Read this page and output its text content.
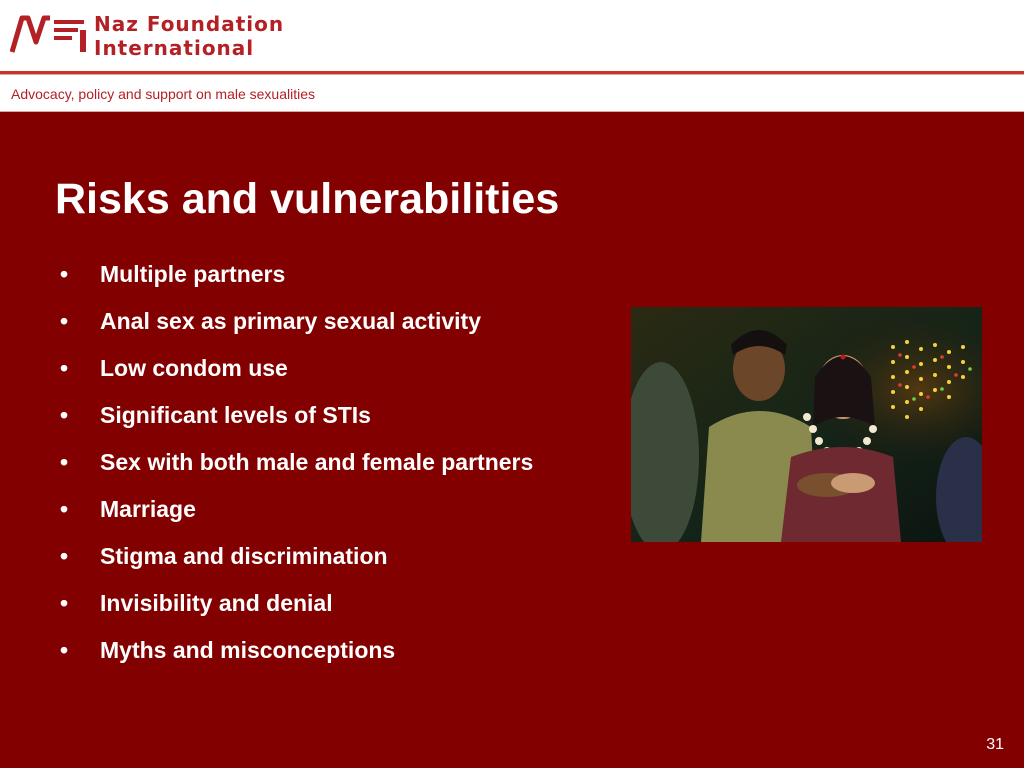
Naz Foundation
International
Advocacy, policy and support on male sexualities
Risks and vulnerabilities
• Multiple partners
• Anal sex as primary sexual activity
• Low condom use
• Significant levels of STIs
• Sex with both male and female partners
• Marriage
• Stigma and discrimination
• Invisibility and denial
• Myths and misconceptions
31
